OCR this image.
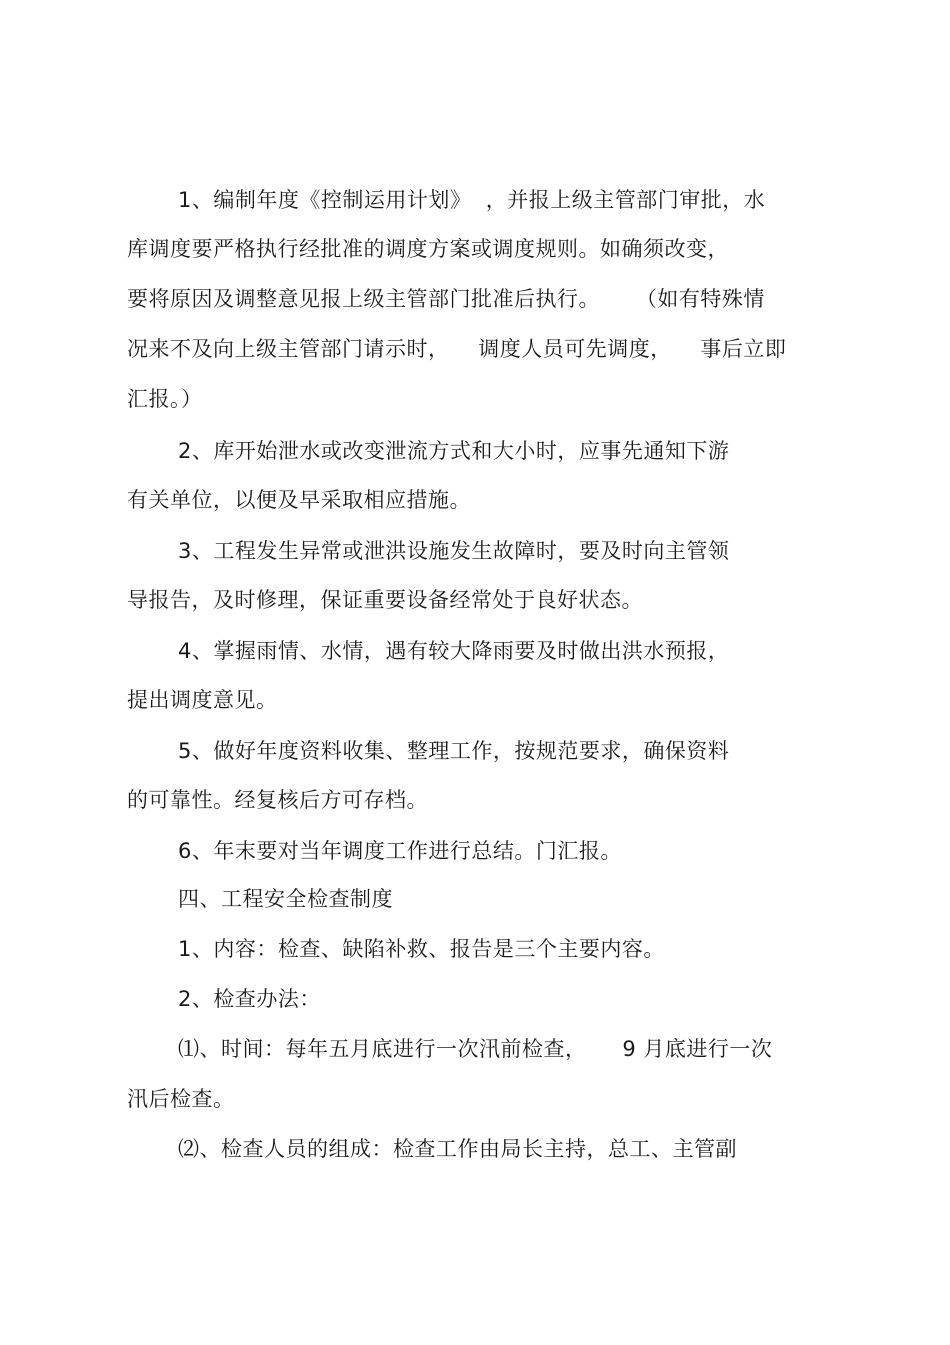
1、编制年度《控制运用计划》  ，并报上级主管部门审批，水
库调度要严格执行经批准的调度方案或调度规则。如确须改变，
要将原因及调整意见报上级主管部门批准后执行。     （如有特殊情
况来不及向上级主管部门请示时，    调度人员可先调度，    事后立即
汇报。）
2、库开始泄水或改变泄流方式和大小时，应事先通知下游
有关单位，以便及早采取相应措施。
3、工程发生异常或泄洪设施发生故障时，要及时向主管领
导报告，及时修理，保证重要设备经常处于良好状态。
4、掌握雨情、水情，遇有较大降雨要及时做出洪水预报，
提出调度意见。
5、做好年度资料收集、整理工作，按规范要求，确保资料
的可靠性。经复核后方可存档。
6、年末要对当年调度工作进行总结。门汇报。
四、工程安全检查制度
1、内容：检查、缺陷补救、报告是三个主要内容。
2、检查办法：
⑴、时间：每年五月底进行一次汛前检查，     9 月底进行一次
汛后检查。
⑵、检查人员的组成：检查工作由局长主持，总工、主管副
